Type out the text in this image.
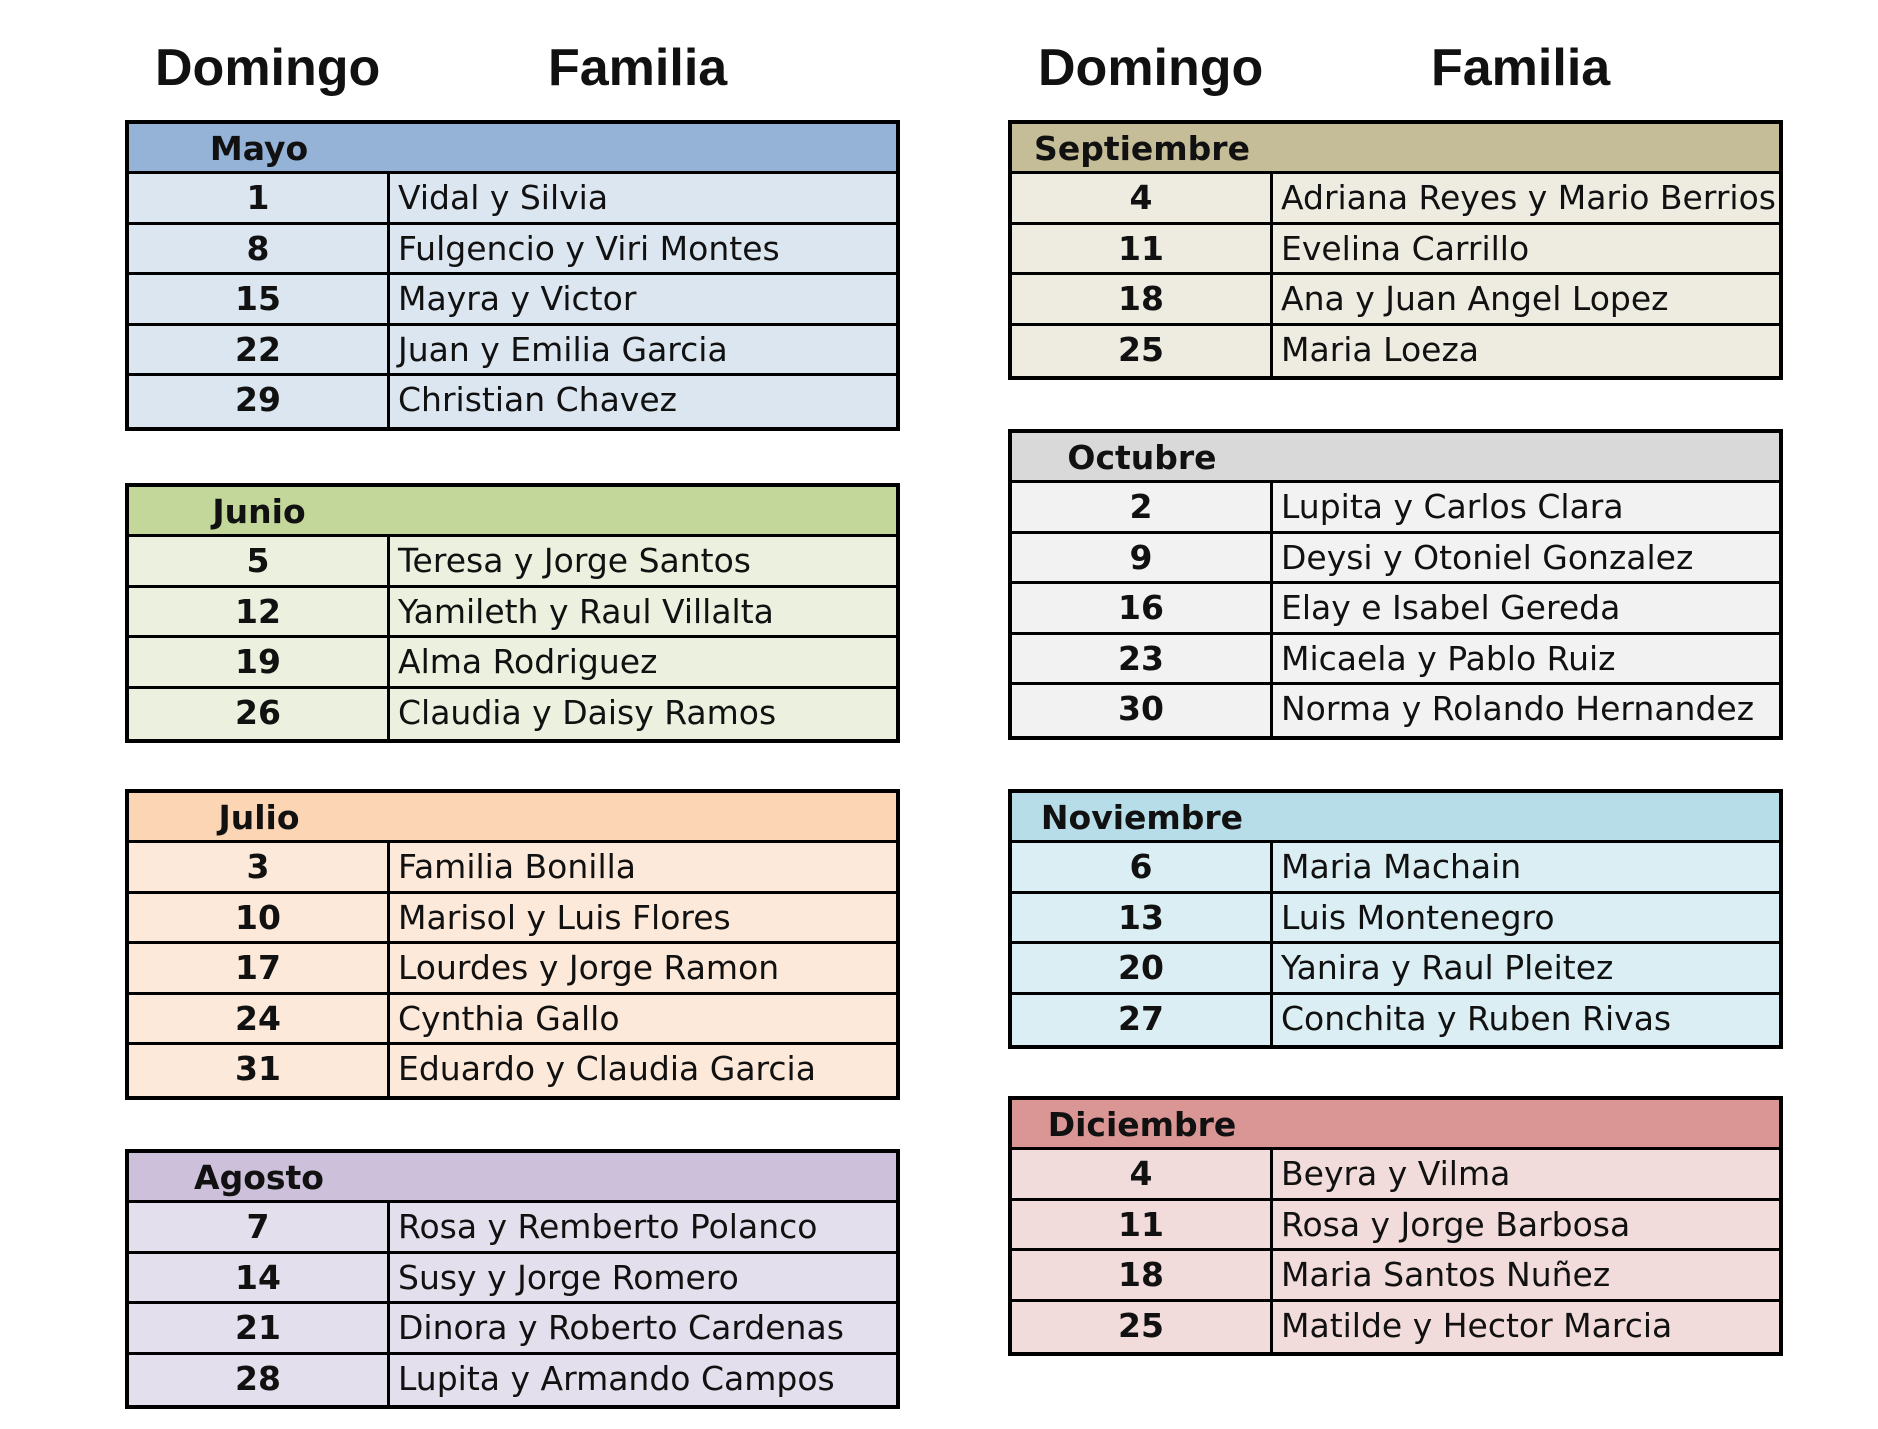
Domingo	Familia
Mayo
1	Vidal y Silvia
8	Fulgencio y Viri Montes
15	Mayra y Victor
22	Juan y Emilia Garcia
29	Christian Chavez
Junio
5	Teresa y Jorge Santos
12	Yamileth y Raul Villalta
19	Alma Rodriguez
26	Claudia y Daisy Ramos
Julio
3	Familia Bonilla
10	Marisol y Luis Flores
17	Lourdes y Jorge Ramon
24	Cynthia Gallo
31	Eduardo y Claudia Garcia
Agosto
7	Rosa y Remberto Polanco
14	Susy y Jorge Romero
21	Dinora y Roberto Cardenas
28	Lupita y Armando Campos
Domingo	Familia
Septiembre
4	Adriana Reyes y Mario Berrios
11	Evelina Carrillo
18	Ana y Juan Angel Lopez
25	Maria Loeza
Octubre
2	Lupita y Carlos Clara
9	Deysi y Otoniel Gonzalez
16	Elay e Isabel Gereda
23	Micaela y Pablo Ruiz
30	Norma y Rolando Hernandez
Noviembre
6	Maria Machain
13	Luis Montenegro
20	Yanira y Raul Pleitez
27	Conchita y Ruben Rivas
Diciembre
4	Beyra y Vilma
11	Rosa y Jorge Barbosa
18	Maria Santos Nuñez
25	Matilde y Hector Marcia
